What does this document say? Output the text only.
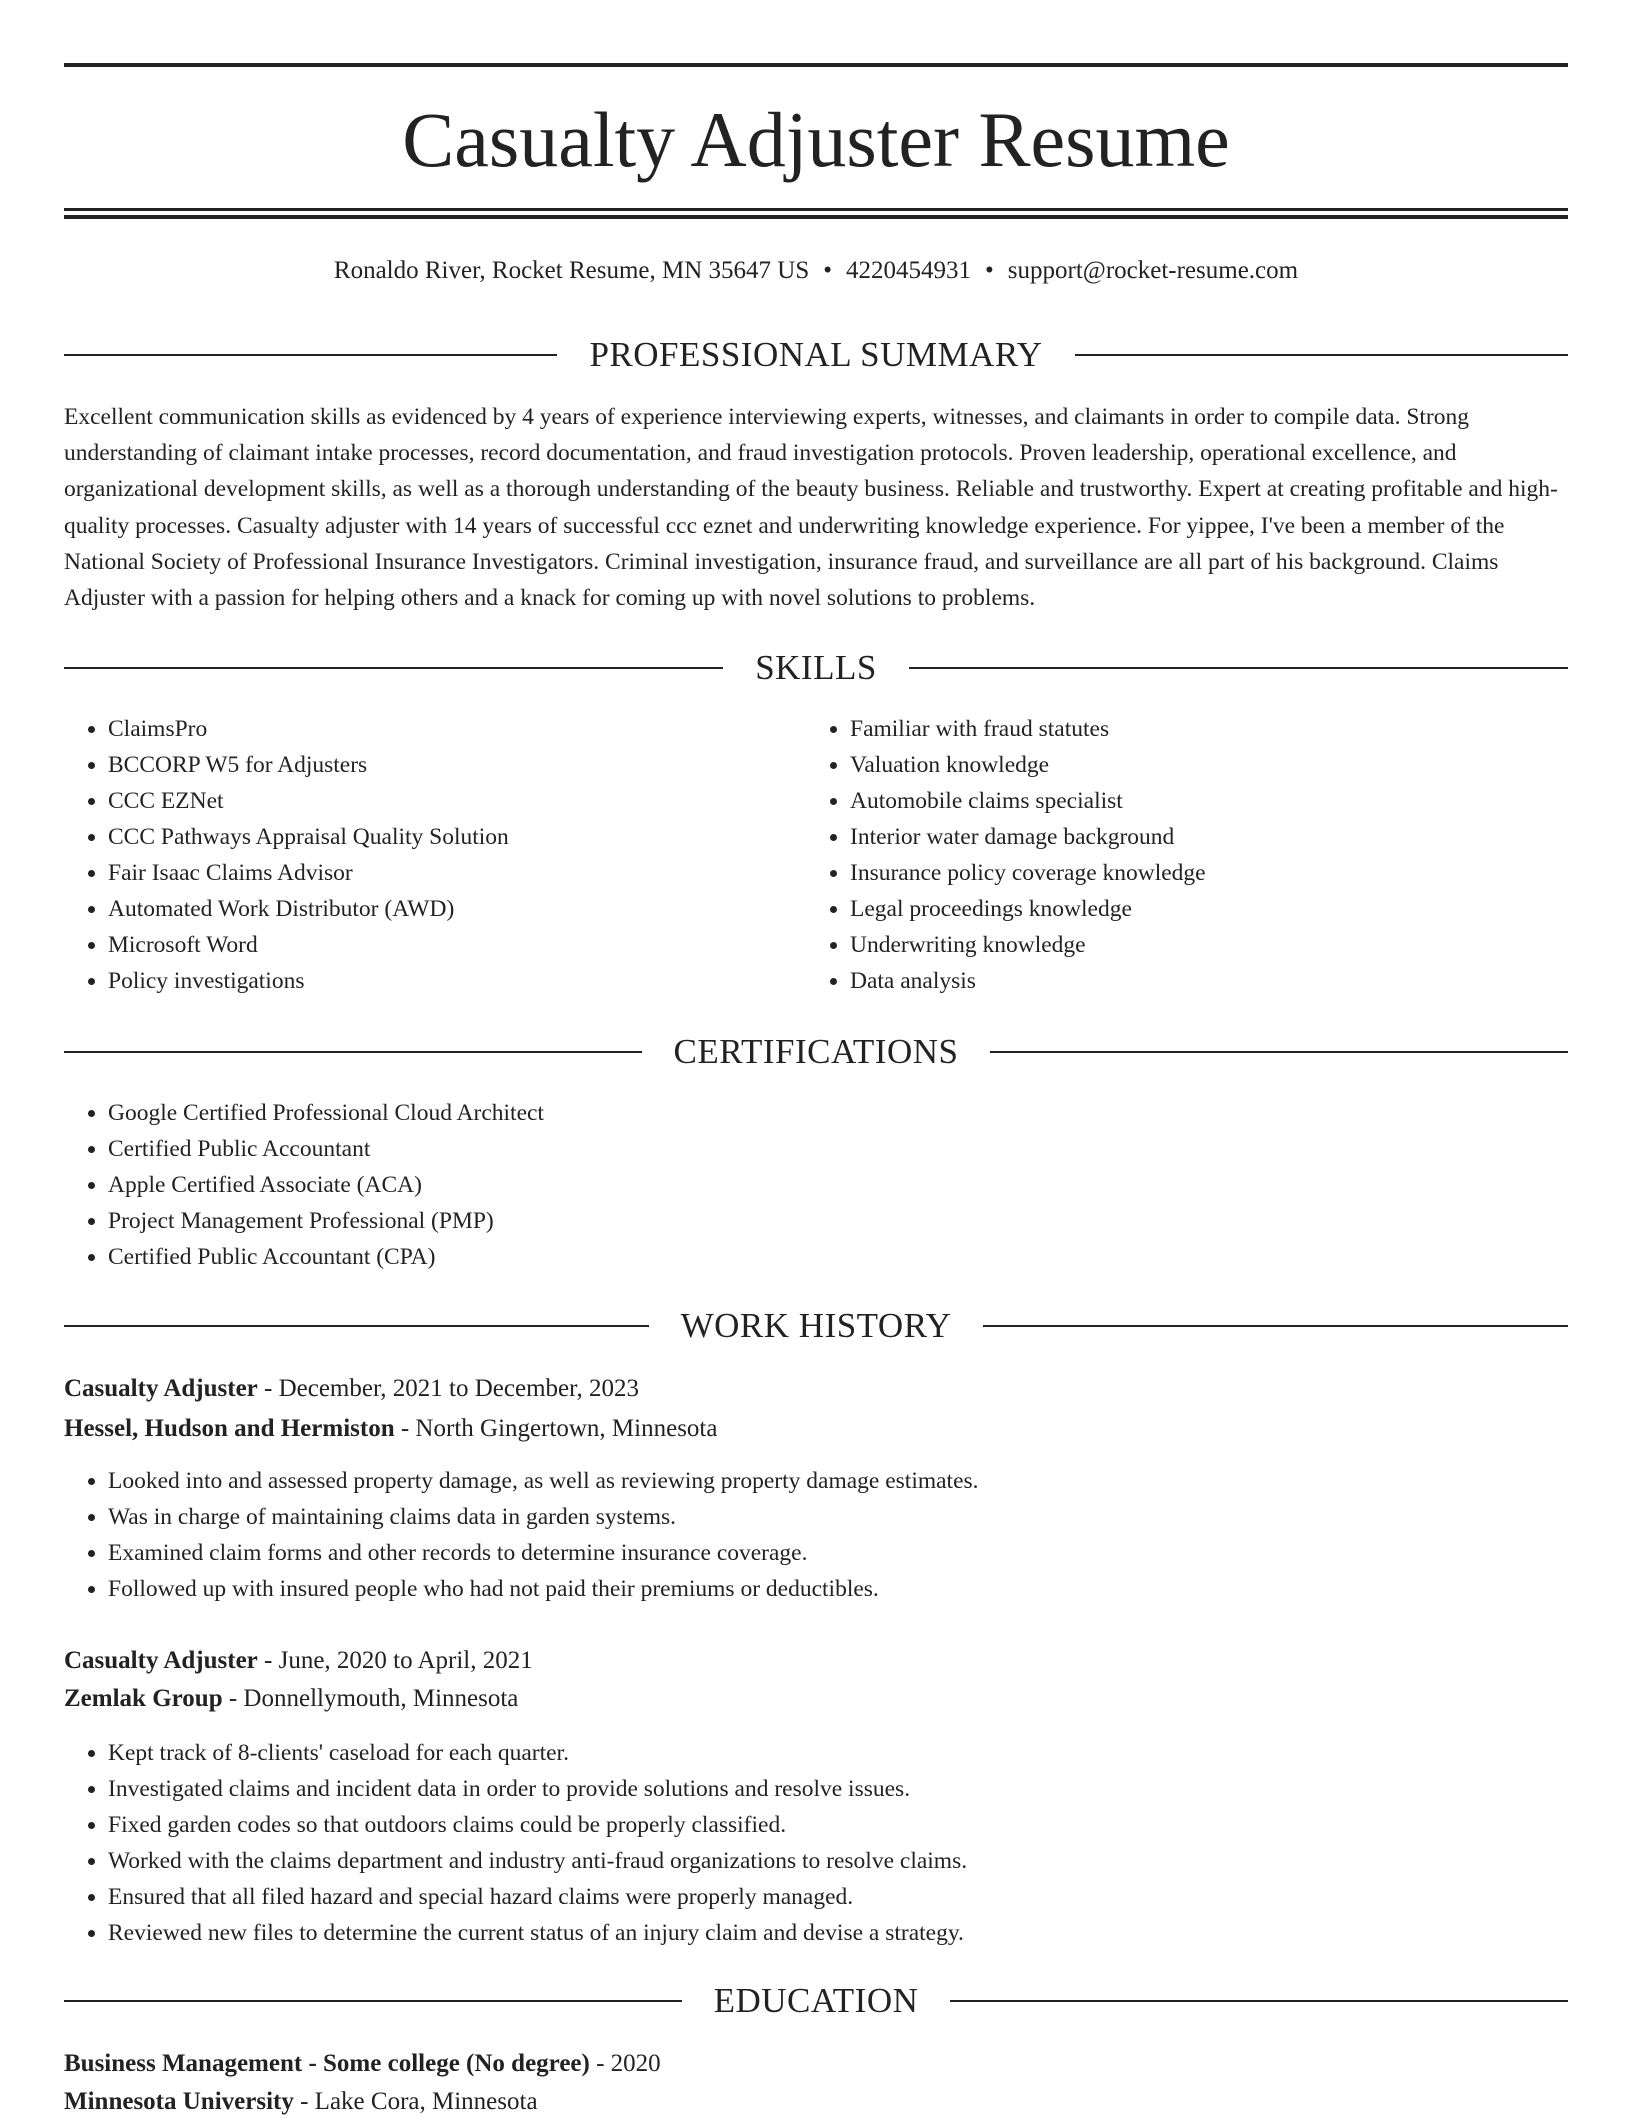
Casualty Adjuster Resume
Ronaldo River, Rocket Resume, MN 35647 US • 4220454931 • support@rocket-resume.com
PROFESSIONAL SUMMARY

Excellent communication skills as evidenced by 4 years of experience interviewing experts, witnesses, and claimants in order to compile data. Strong understanding of claimant intake processes, record documentation, and fraud investigation protocols. Proven leadership, operational excellence, and organizational development skills, as well as a thorough understanding of the beauty business. Reliable and trustworthy. Expert at creating profitable and high-quality processes. Casualty adjuster with 14 years of successful ccc eznet and underwriting knowledge experience. For yippee, I've been a member of the National Society of Professional Insurance Investigators. Criminal investigation, insurance fraud, and surveillance are all part of his background. Claims Adjuster with a passion for helping others and a knack for coming up with novel solutions to problems.

SKILLS
• ClaimsPro
• BCCORP W5 for Adjusters
• CCC EZNet
• CCC Pathways Appraisal Quality Solution
• Fair Isaac Claims Advisor
• Automated Work Distributor (AWD)
• Microsoft Word
• Policy investigations
• Familiar with fraud statutes
• Valuation knowledge
• Automobile claims specialist
• Interior water damage background
• Insurance policy coverage knowledge
• Legal proceedings knowledge
• Underwriting knowledge
• Data analysis
CERTIFICATIONS
• Google Certified Professional Cloud Architect
• Certified Public Accountant
• Apple Certified Associate (ACA)
• Project Management Professional (PMP)
• Certified Public Accountant (CPA)
WORK HISTORY
Casualty Adjuster - December, 2021 to December, 2023
Hessel, Hudson and Hermiston - North Gingertown, Minnesota
• Looked into and assessed property damage, as well as reviewing property damage estimates.
• Was in charge of maintaining claims data in garden systems.
• Examined claim forms and other records to determine insurance coverage.
• Followed up with insured people who had not paid their premiums or deductibles.
Casualty Adjuster - June, 2020 to April, 2021
Zemlak Group - Donnellymouth, Minnesota
• Kept track of 8-clients' caseload for each quarter.
• Investigated claims and incident data in order to provide solutions and resolve issues.
• Fixed garden codes so that outdoors claims could be properly classified.
• Worked with the claims department and industry anti-fraud organizations to resolve claims.
• Ensured that all filed hazard and special hazard claims were properly managed.
• Reviewed new files to determine the current status of an injury claim and devise a strategy.
EDUCATION
Business Management - Some college (No degree) - 2020
Minnesota University - Lake Cora, Minnesota
